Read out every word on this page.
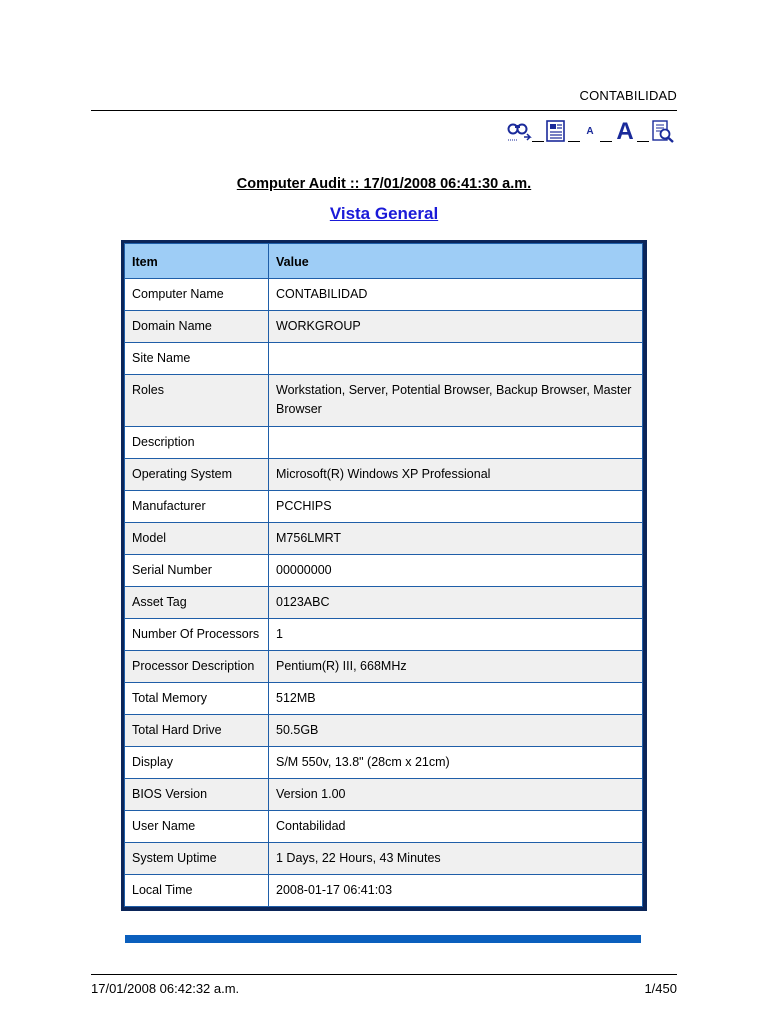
CONTABILIDAD
A A
Computer Audit :: 17/01/2008 06:41:30 a.m.
Vista General
Item	Value
Computer Name	CONTABILIDAD
Domain Name	WORKGROUP
Site Name	
Roles	Workstation, Server, Potential Browser, Backup Browser, Master Browser
Description	
Operating System	Microsoft(R) Windows XP Professional
Manufacturer	PCCHIPS
Model	M756LMRT
Serial Number	00000000
Asset Tag	0123ABC
Number Of Processors	1
Processor Description	Pentium(R) III, 668MHz
Total Memory	512MB
Total Hard Drive	50.5GB
Display	S/M 550v, 13.8" (28cm x 21cm)
BIOS Version	Version 1.00
User Name	Contabilidad
System Uptime	1 Days, 22 Hours, 43 Minutes
Local Time	2008-01-17 06:41:03
17/01/2008 06:42:32 a.m.	1/450
